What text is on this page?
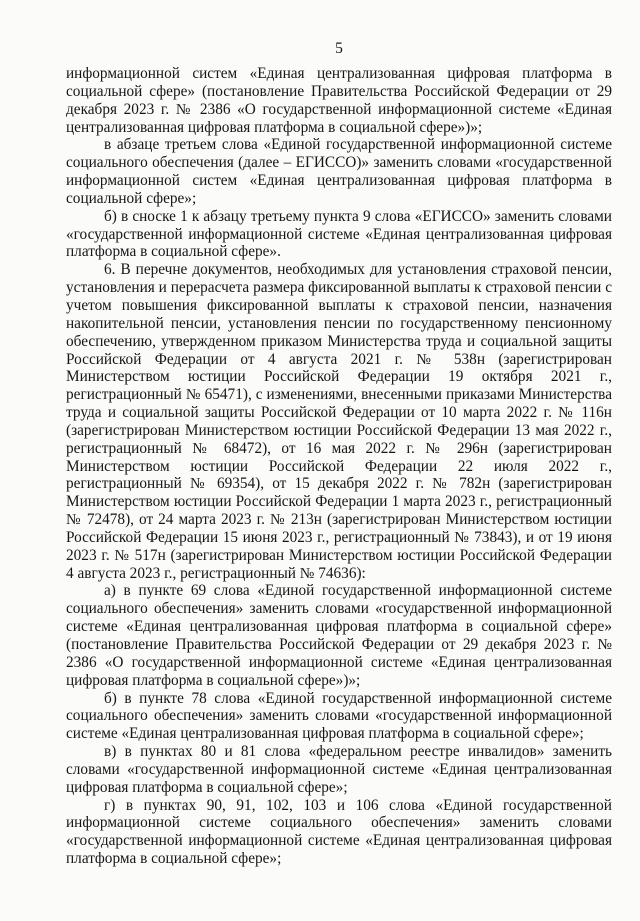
5

информационной систем «Единая централизованная цифровая платформа в социальной сфере» (постановление Правительства Российской Федерации от 29 декабря 2023 г. № 2386 «О государственной информационной системе «Единая централизованная цифровая платформа в социальной сфере»)»;

в абзаце третьем слова «Единой государственной информационной системе социального обеспечения (далее – ЕГИССО)» заменить словами «государственной информационной систем «Единая централизованная цифровая платформа в социальной сфере»;

б) в сноске 1 к абзацу третьему пункта 9 слова «ЕГИССО» заменить словами «государственной информационной системе «Единая централизованная цифровая платформа в социальной сфере».

6. В перечне документов, необходимых для установления страховой пенсии, установления и перерасчета размера фиксированной выплаты к страховой пенсии с учетом повышения фиксированной выплаты к страховой пенсии, назначения накопительной пенсии, установления пенсии по государственному пенсионному обеспечению, утвержденном приказом Министерства труда и социальной защиты Российской Федерации от 4 августа 2021 г. № 538н (зарегистрирован Министерством юстиции Российской Федерации 19 октября 2021 г., регистрационный № 65471), с изменениями, внесенными приказами Министерства труда и социальной защиты Российской Федерации от 10 марта 2022 г. № 116н (зарегистрирован Министерством юстиции Российской Федерации 13 мая 2022 г., регистрационный № 68472), от 16 мая 2022 г. № 296н (зарегистрирован Министерством юстиции Российской Федерации 22 июля 2022 г., регистрационный № 69354), от 15 декабря 2022 г. № 782н (зарегистрирован Министерством юстиции Российской Федерации 1 марта 2023 г., регистрационный № 72478), от 24 марта 2023 г. № 213н (зарегистрирован Министерством юстиции Российской Федерации 15 июня 2023 г., регистрационный № 73843), и от 19 июня 2023 г. № 517н (зарегистрирован Министерством юстиции Российской Федерации 4 августа 2023 г., регистрационный № 74636):

а) в пункте 69 слова «Единой государственной информационной системе социального обеспечения» заменить словами «государственной информационной системе «Единая централизованная цифровая платформа в социальной сфере» (постановление Правительства Российской Федерации от 29 декабря 2023 г. № 2386 «О государственной информационной системе «Единая централизованная цифровая платформа в социальной сфере»)»;

б) в пункте 78 слова «Единой государственной информационной системе социального обеспечения» заменить словами «государственной информационной системе «Единая централизованная цифровая платформа в социальной сфере»;

в) в пунктах 80 и 81 слова «федеральном реестре инвалидов» заменить словами «государственной информационной системе «Единая централизованная цифровая платформа в социальной сфере»;

г) в пунктах 90, 91, 102, 103 и 106 слова «Единой государственной информационной системе социального обеспечения» заменить словами «государственной информационной системе «Единая централизованная цифровая платформа в социальной сфере»;
